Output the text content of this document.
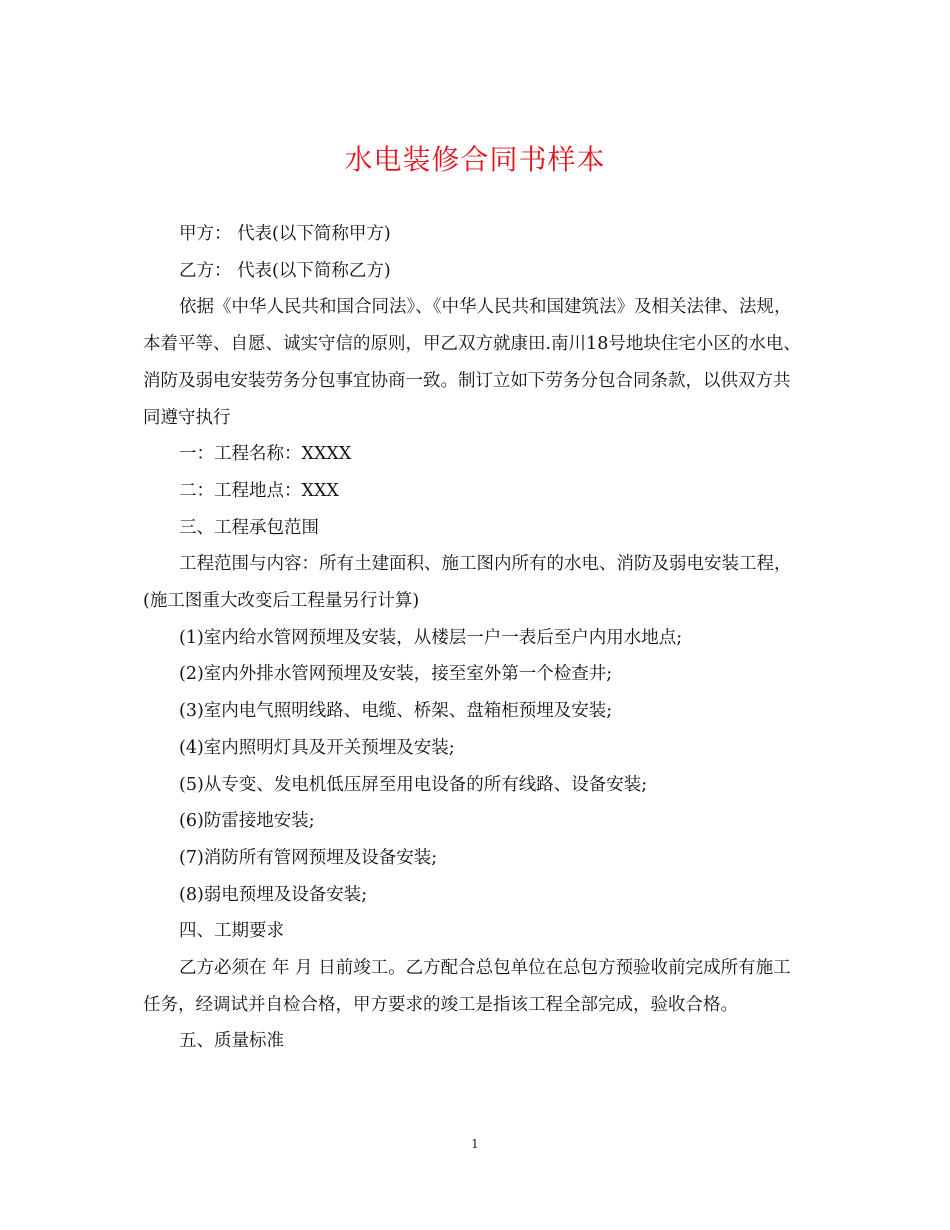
水电装修合同书样本

甲方： 代表(以下简称甲方)

乙方： 代表(以下简称乙方)

依据《中华人民共和国合同法》、《中华人民共和国建筑法》及相关法律、法规，本着平等、自愿、诚实守信的原则，甲乙双方就康田.南川18号地块住宅小区的水电、消防及弱电安装劳务分包事宜协商一致。制订立如下劳务分包合同条款，以供双方共同遵守执行

一：工程名称：XXXX

二：工程地点：XXX

三、工程承包范围

工程范围与内容：所有土建面积、施工图内所有的水电、消防及弱电安装工程，(施工图重大改变后工程量另行计算)

(1)室内给水管网预埋及安装，从楼层一户一表后至户内用水地点;

(2)室内外排水管网预埋及安装，接至室外第一个检查井;

(3)室内电气照明线路、电缆、桥架、盘箱柜预埋及安装;

(4)室内照明灯具及开关预埋及安装;

(5)从专变、发电机低压屏至用电设备的所有线路、设备安装;

(6)防雷接地安装;

(7)消防所有管网预埋及设备安装;

(8)弱电预埋及设备安装;

四、工期要求

乙方必须在 年 月 日前竣工。乙方配合总包单位在总包方预验收前完成所有施工任务，经调试并自检合格，甲方要求的竣工是指该工程全部完成，验收合格。

五、质量标准

1
